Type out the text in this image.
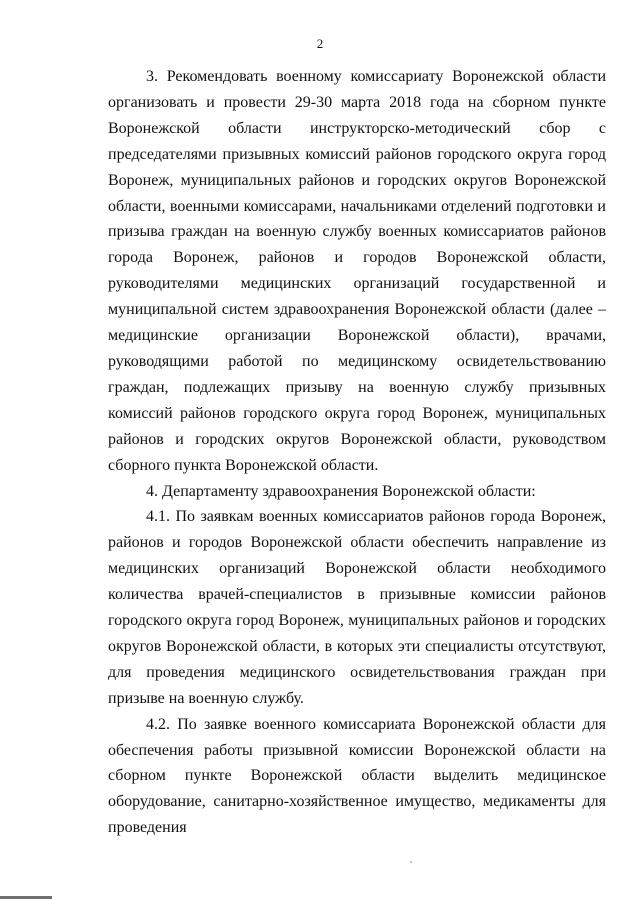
2

3. Рекомендовать военному комиссариату Воронежской области организовать и провести 29-30 марта 2018 года на сборном пункте Воронежской области инструкторско-методический сбор с председателями призывных комиссий районов городского округа город Воронеж, муниципальных районов и городских округов Воронежской области, военными комиссарами, начальниками отделений подготовки и призыва граждан на военную службу военных комиссариатов районов города Воронеж, районов и городов Воронежской области, руководителями медицинских организаций государственной и муниципальной систем здравоохранения Воронежской области (далее – медицинские организации Воронежской области), врачами, руководящими работой по медицинскому освидетельствованию граждан, подлежащих призыву на военную службу призывных комиссий районов городского округа город Воронеж, муниципальных районов и городских округов Воронежской области, руководством сборного пункта Воронежской области.

4. Департаменту здравоохранения Воронежской области:

4.1. По заявкам военных комиссариатов районов города Воронеж, районов и городов Воронежской области обеспечить направление из медицинских организаций Воронежской области необходимого количества врачей-специалистов в призывные комиссии районов городского округа город Воронеж, муниципальных районов и городских округов Воронежской области, в которых эти специалисты отсутствуют, для проведения медицинского освидетельствования граждан при призыве на военную службу.

4.2. По заявке военного комиссариата Воронежской области для обеспечения работы призывной комиссии Воронежской области на сборном пункте Воронежской области выделить медицинское оборудование, санитарно-хозяйственное имущество, медикаменты для проведения
